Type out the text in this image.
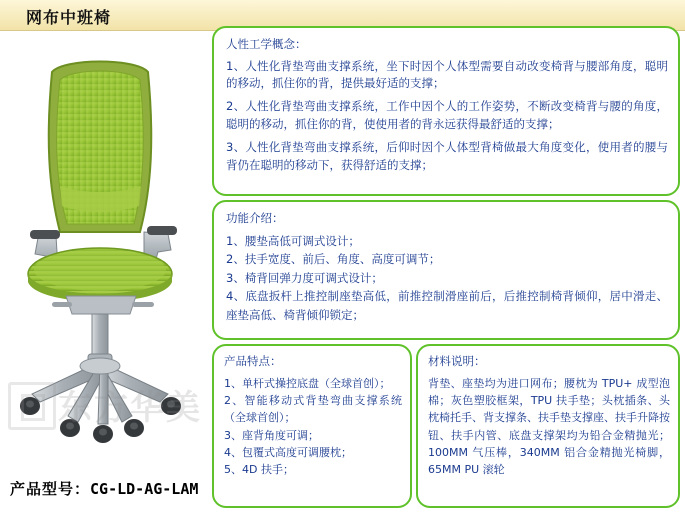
网布中班椅
东方华美
产品型号：CG-LD-AG-LAM

人性工学概念：

1、人性化背垫弯曲支撑系统，坐下时因个人体型需要自动改变椅背与腰部角度，聪明的移动，抓住你的背，提供最好适的支撑；

2、人性化背垫弯曲支撑系统，工作中因个人的工作姿势，不断改变椅背与腰的角度，聪明的移动，抓住你的背，使使用者的背永远获得最舒适的支撑；

3、人性化背垫弯曲支撑系统，后仰时因个人体型背椅做最大角度变化，使用者的腰与背仍在聪明的移动下，获得舒适的支撑；

功能介绍：

1、腰垫高低可调式设计；

2、扶手宽度、前后、角度、高度可调节；

3、椅背回弹力度可调式设计；

4、底盘扳杆上推控制座垫高低，前推控制滑座前后，后推控制椅背倾仰，居中滑走、座垫高低、椅背倾仰锁定；

产品特点：

1、单杆式操控底盘（全球首创）；

2、智能移动式背垫弯曲支撑系统（全球首创）；

3、座背角度可调；

4、包覆式高度可调腰枕；

5、4D 扶手；

材料说明：

背垫、座垫均为进口网布；腰枕为 TPU+ 成型泡棉；灰色塑胶框架，TPU 扶手垫；头枕插条、头枕椅托手、背支撑条、扶手垫支撑座、扶手升降按钮、扶手内管、底盘支撑架均为铅合金精抛光；100MM 气压棒，340MM 铝合金精抛光椅脚，65MM PU 滚轮
